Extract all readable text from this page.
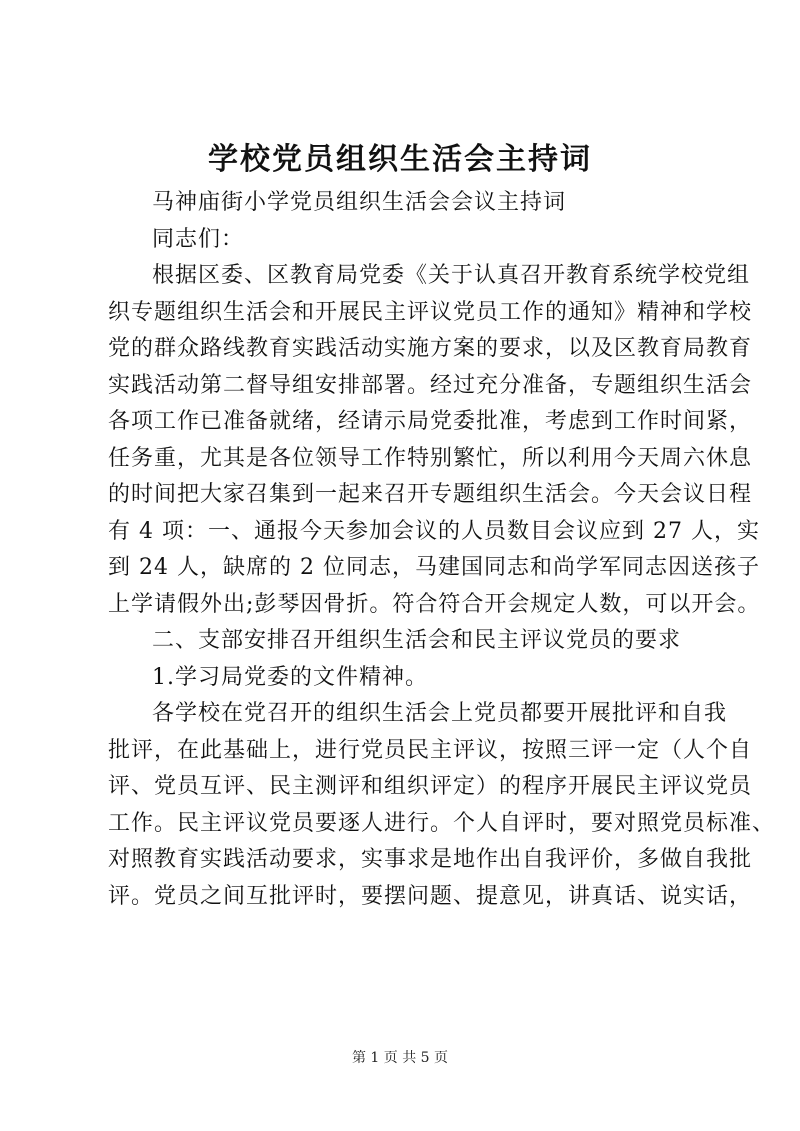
学校党员组织生活会主持词
马神庙街小学党员组织生活会会议主持词
同志们：
根据区委、区教育局党委《关于认真召开教育系统学校党组
织专题组织生活会和开展民主评议党员工作的通知》精神和学校
党的群众路线教育实践活动实施方案的要求，以及区教育局教育
实践活动第二督导组安排部署。经过充分准备，专题组织生活会
各项工作已准备就绪，经请示局党委批准，考虑到工作时间紧，
任务重，尤其是各位领导工作特别繁忙，所以利用今天周六休息
的时间把大家召集到一起来召开专题组织生活会。今天会议日程
有 4 项：一、通报今天参加会议的人员数目会议应到 27 人，实
到 24 人，缺席的 2 位同志，马建国同志和尚学军同志因送孩子
上学请假外出;彭琴因骨折。符合符合开会规定人数，可以开会。
二、支部安排召开组织生活会和民主评议党员的要求
1.学习局党委的文件精神。
各学校在党召开的组织生活会上党员都要开展批评和自我
批评，在此基础上，进行党员民主评议，按照三评一定（人个自
评、党员互评、民主测评和组织评定）的程序开展民主评议党员
工作。民主评议党员要逐人进行。个人自评时，要对照党员标准、
对照教育实践活动要求，实事求是地作出自我评价，多做自我批
评。党员之间互批评时，要摆问题、提意见，讲真话、说实话，
第 1 页 共 5 页
